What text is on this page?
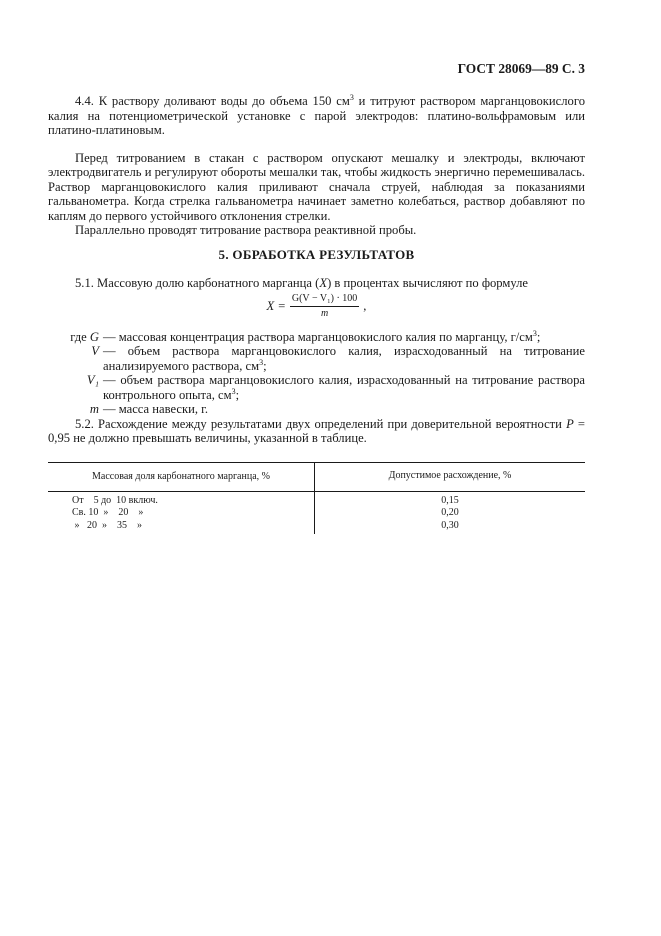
ГОСТ 28069—89 С. 3

4.4. К раствору доливают воды до объема 150 $см^3$ и титруют раствором марганцовокислого калия на потенциометрической установке с парой электродов: платино-вольфрамовым или платино-платиновым.

Перед титрованием в стакан с раствором опускают мешалку и электроды, включают электродвигатель и регулируют обороты мешалки так, чтобы жидкость энергично перемешивалась. Раствор марганцовокислого калия приливают сначала струей, наблюдая за показаниями гальванометра. Когда стрелка гальванометра начинает заметно колебаться, раствор добавляют по каплям до первого устойчивого отклонения стрелки.

Параллельно проводят титрование раствора реактивной пробы.

5. ОБРАБОТКА РЕЗУЛЬТАТОВ

5.1. Массовую долю карбонатного марганца (X) в процентах вычисляют по формуле

$X = \frac{\text{G(V − V₁) · 100}}{m}$ ,
где G — массовая концентрация раствора марганцовокислого калия по марганцу, $г/см^3$;
V — объем раствора марганцовокислого калия, израсходованный на титрование анализируемого раствора, $см^3$;
V₁ — объем раствора марганцовокислого калия, израсходованный на титрование раствора контрольного опыта, $см^3$;
m — масса навески, г.

5.2. Расхождение между результатами двух определений при доверительной вероятности P = 0,95 не должно превышать величины, указанной в таблице.

Массовая доля карбонатного марганца, %	Допустимое расхождение, %
От    5 до  10 включ.
Св. 10  »    20    »
»   20  »    35    »
0,15
0,20
0,30
